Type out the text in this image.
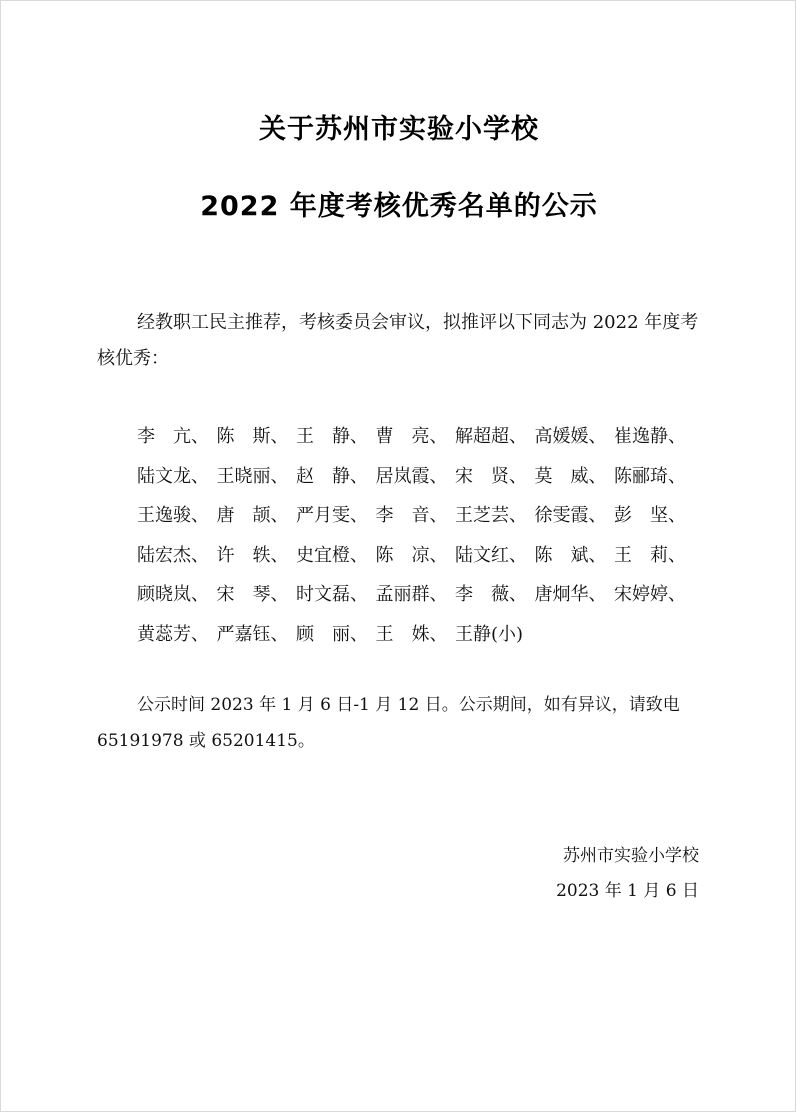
关于苏州市实验小学校
2022 年度考核优秀名单的公示
经教职工民主推荐，考核委员会审议，拟推评以下同志为 2022 年度考核优秀：
李　亢、 陈　斯、 王　静、 曹　亮、 解超超、 高媛媛、 崔逸静、
陆文龙、 王晓丽、 赵　静、 居岚霞、 宋　贤、 莫　威、 陈郦琦、
王逸骏、 唐　颉、 严月雯、 李　音、 王芝芸、 徐雯霞、 彭　坚、
陆宏杰、 许　轶、 史宜橙、 陈　凉、 陆文红、 陈　斌、 王　莉、
顾晓岚、 宋　琴、 时文磊、 孟丽群、 李　薇、 唐炯华、 宋婷婷、
黄蕊芳、 严嘉钰、 顾　丽、 王　姝、 王静(小)
公示时间 2023 年 1 月 6 日-1 月 12 日。公示期间，如有异议，请致电 65191978 或 65201415。
苏州市实验小学校
2023 年 1 月 6 日
